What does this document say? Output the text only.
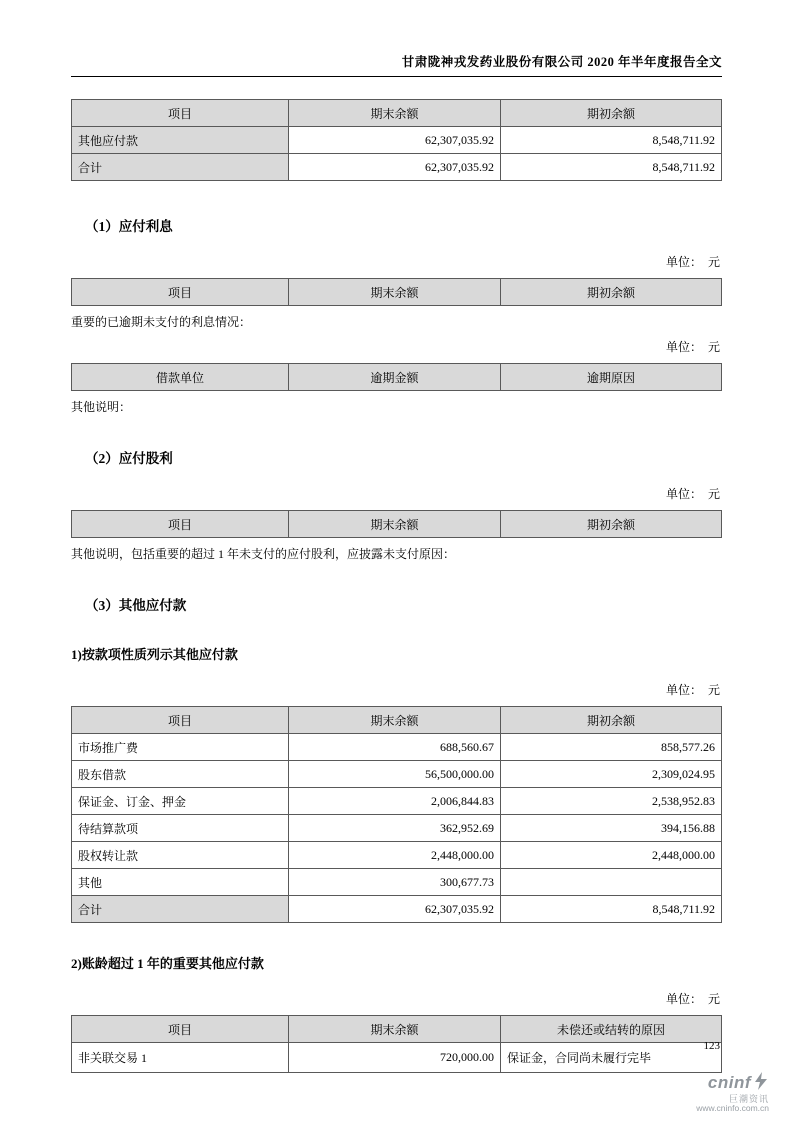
甘肃陇神戎发药业股份有限公司 2020 年半年度报告全文
项目	期末余额	期初余额
其他应付款	62,307,035.92	8,548,711.92
合计	62,307,035.92	8,548,711.92
（1）应付利息
单位：　元
项目	期末余额	期初余额
重要的已逾期未支付的利息情况：
单位：　元
借款单位	逾期金额	逾期原因
其他说明：
（2）应付股利
单位：　元
项目	期末余额	期初余额
其他说明，包括重要的超过 1 年未支付的应付股利，应披露未支付原因：
（3）其他应付款
1)按款项性质列示其他应付款
单位：　元
项目	期末余额	期初余额
市场推广费	688,560.67	858,577.26
股东借款	56,500,000.00	2,309,024.95
保证金、订金、押金	2,006,844.83	2,538,952.83
待结算款项	362,952.69	394,156.88
股权转让款	2,448,000.00	2,448,000.00
其他	300,677.73	
合计	62,307,035.92	8,548,711.92
2)账龄超过 1 年的重要其他应付款
单位：　元
项目	期末余额	未偿还或结转的原因
非关联交易 1	720,000.00	保证金，合同尚未履行完毕
123
cninf
巨潮资讯
www.cninfo.com.cn
